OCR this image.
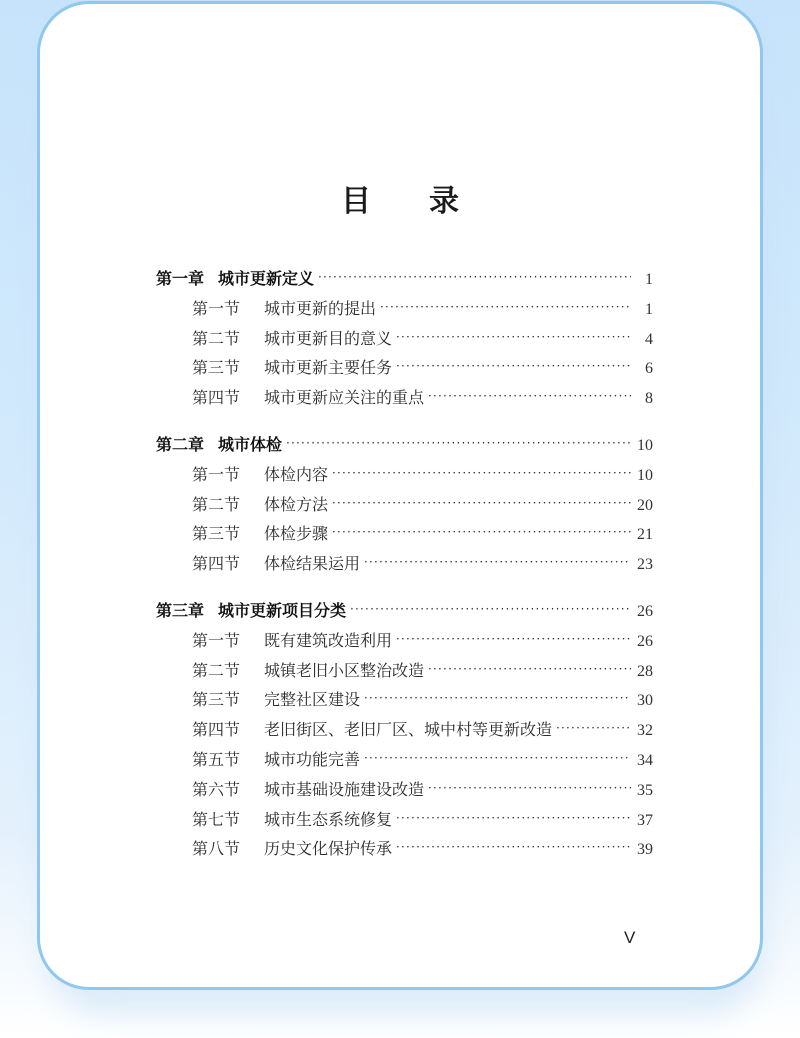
目 录
第一章 城市更新定义 ·····	1
第一节	城市更新的提出 ·····	1
第二节	城市更新目的意义 ·····	4
第三节	城市更新主要任务 ·····	6
第四节	城市更新应关注的重点 ·····	8
第二章 城市体检 ·····	10
第一节	体检内容 ·····	10
第二节	体检方法 ·····	20
第三节	体检步骤 ·····	21
第四节	体检结果运用 ·····	23
第三章 城市更新项目分类 ·····	26
第一节	既有建筑改造利用 ·····	26
第二节	城镇老旧小区整治改造 ·····	28
第三节	完整社区建设 ·····	30
第四节	老旧街区、老旧厂区、城中村等更新改造 ·····	32
第五节	城市功能完善 ·····	34
第六节	城市基础设施建设改造 ·····	35
第七节	城市生态系统修复 ·····	37
第八节	历史文化保护传承 ·····	39
V
